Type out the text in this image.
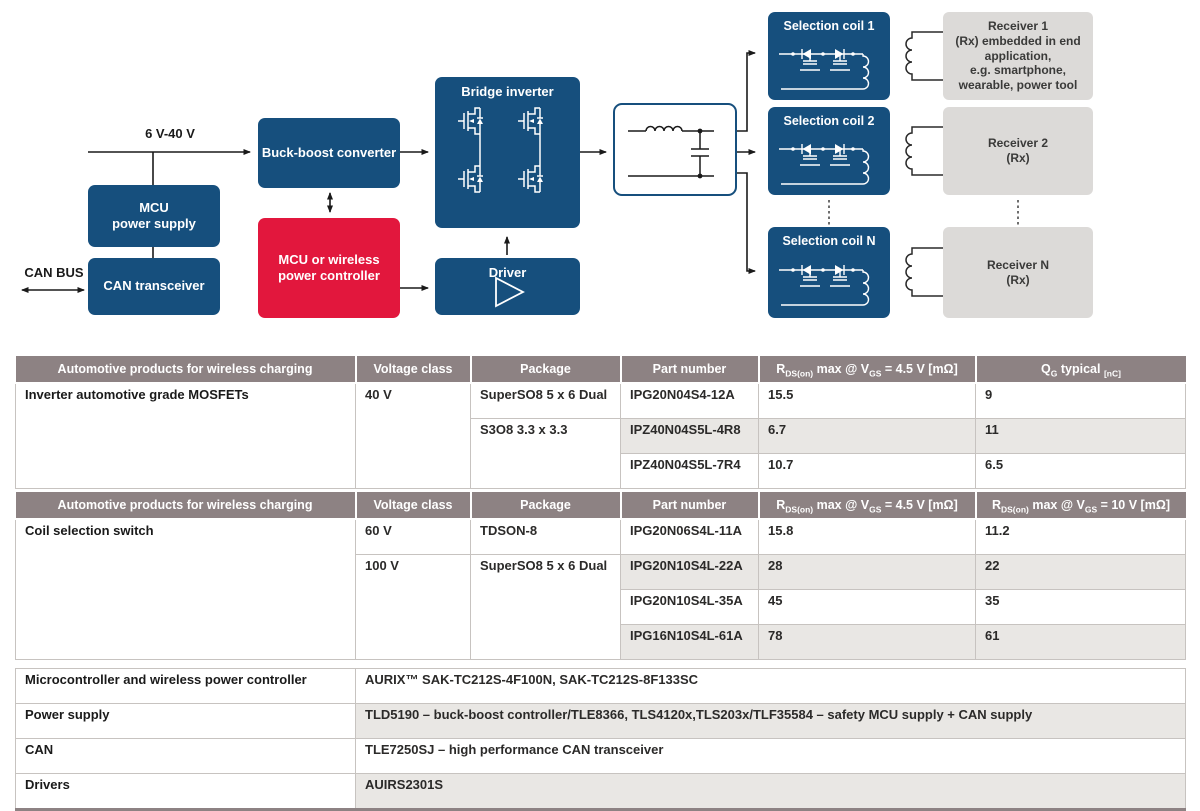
6 V-40 V
CAN BUS
Buck-boost converter
MCU
power supply
CAN transceiver
MCU or wireless
power controller
Bridge inverter
Driver
Selection coil 1
Selection coil 2
Selection coil N
Receiver 1
(Rx) embedded in end
application,
e.g. smartphone,
wearable, power tool
Receiver 2
(Rx)
Receiver N
(Rx)
Automotive products for wireless charging	Voltage class	Package	Part number	$R_{DS(on)}$ max @ $V_{GS} = 4.5$ V [mΩ]	$Q_G$ typical $_{[nC]}$
Inverter automotive grade MOSFETs	40 V	SuperSO8 5 x 6 Dual	IPG20N04S4-12A	15.5	9
		S3O8 3.3 x 3.3	IPZ40N04S5L-4R8	6.7	11
			IPZ40N04S5L-7R4	10.7	6.5
Automotive products for wireless charging	Voltage class	Package	Part number	$R_{DS(on)}$ max @ $V_{GS} = 4.5$ V [mΩ]	$R_{DS(on)}$ max @ $V_{GS} = 10$ V [mΩ]
Coil selection switch	60 V	TDSON-8	IPG20N06S4L-11A	15.8	11.2
	100 V	SuperSO8 5 x 6 Dual	IPG20N10S4L-22A	28	22
			IPG20N10S4L-35A	45	35
			IPG16N10S4L-61A	78	61
Microcontroller and wireless power controller	AURIX™ SAK-TC212S-4F100N, SAK-TC212S-8F133SC
Power supply	TLD5190 – buck-boost controller/TLE8366, TLS4120x,TLS203x/TLF35584 – safety MCU supply + CAN supply
CAN	TLE7250SJ – high performance CAN transceiver
Drivers	AUIRS2301S
